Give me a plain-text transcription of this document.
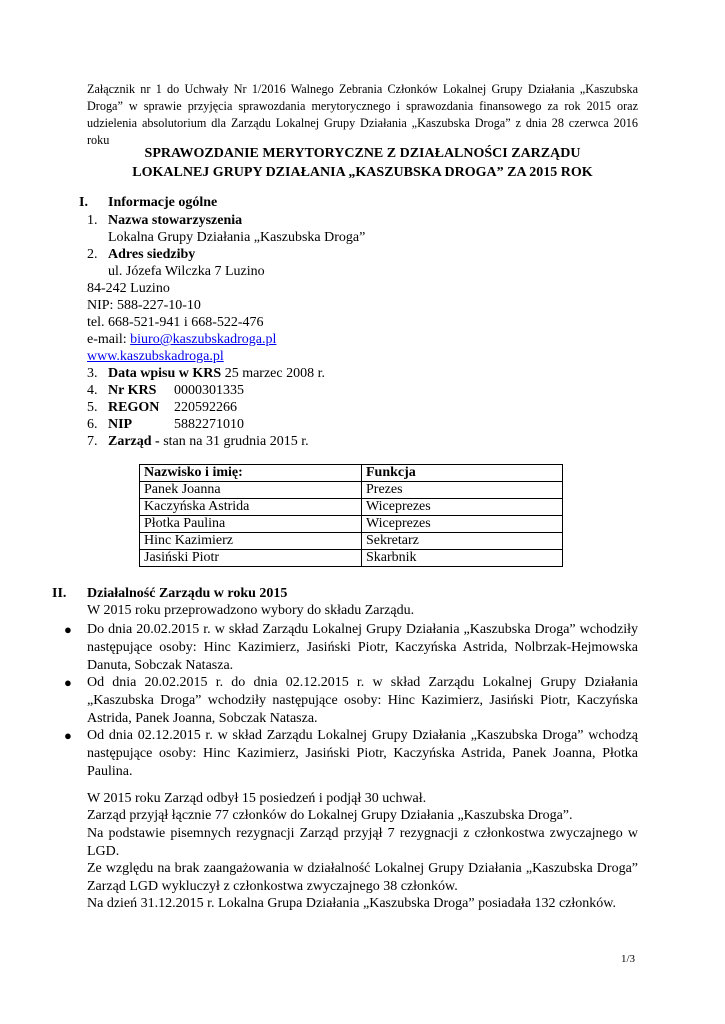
Załącznik nr 1 do Uchwały Nr 1/2016 Walnego Zebrania Członków Lokalnej Grupy Działania „Kaszubska Droga” w sprawie przyjęcia sprawozdania merytorycznego i sprawozdania finansowego za rok 2015 oraz udzielenia absolutorium dla Zarządu Lokalnej Grupy Działania „Kaszubska Droga” z dnia 28 czerwca 2016 roku
SPRAWOZDANIE MERYTORYCZNE Z DZIAŁALNOŚCI ZARZĄDU
LOKALNEJ GRUPY DZIAŁANIA „KASZUBSKA DROGA” ZA 2015 ROK
I. Informacje ogólne
1. Nazwa stowarzyszenia
Lokalna Grupy Działania „Kaszubska Droga”
2. Adres siedziby
ul. Józefa Wilczka 7 Luzino
84-242 Luzino
NIP: 588-227-10-10
tel. 668-521-941 i 668-522-476
e-mail: biuro@kaszubskadroga.pl
www.kaszubskadroga.pl
3. Data wpisu w KRS 25 marzec 2008 r.
4. Nr KRS 0000301335
5. REGON 220592266
6. NIP	5882271010
7. Zarząd - stan na 31 grudnia 2015 r.
Nazwisko i imię:	Funkcja
Panek Joanna	Prezes
Kaczyńska Astrida	Wiceprezes
Płotka Paulina	Wiceprezes
Hinc Kazimierz	Sekretarz
Jasiński Piotr	Skarbnik
II. Działalność Zarządu w roku 2015
W 2015 roku przeprowadzono wybory do składu Zarządu.
● Do dnia 20.02.2015 r. w skład Zarządu Lokalnej Grupy Działania „Kaszubska Droga” wchodziły następujące osoby: Hinc Kazimierz, Jasiński Piotr, Kaczyńska Astrida, Nolbrzak-Hejmowska Danuta, Sobczak Natasza.
● Od dnia 20.02.2015 r. do dnia 02.12.2015 r. w skład Zarządu Lokalnej Grupy Działania „Kaszubska Droga” wchodziły następujące osoby: Hinc Kazimierz, Jasiński Piotr, Kaczyńska Astrida, Panek Joanna, Sobczak Natasza.
● Od dnia 02.12.2015 r. w skład Zarządu Lokalnej Grupy Działania „Kaszubska Droga” wchodzą następujące osoby: Hinc Kazimierz, Jasiński Piotr, Kaczyńska Astrida, Panek Joanna, Płotka Paulina.
W 2015 roku Zarząd odbył 15 posiedzeń i podjął 30 uchwał.
Zarząd przyjął łącznie 77 członków do Lokalnej Grupy Działania „Kaszubska Droga”.
Na podstawie pisemnych rezygnacji Zarząd przyjął 7 rezygnacji z członkostwa zwyczajnego w LGD.
Ze względu na brak zaangażowania w działalność Lokalnej Grupy Działania „Kaszubska Droga” Zarząd LGD wykluczył z członkostwa zwyczajnego 38 członków.
Na dzień 31.12.2015 r. Lokalna Grupa Działania „Kaszubska Droga” posiadała 132 członków.
1/3
